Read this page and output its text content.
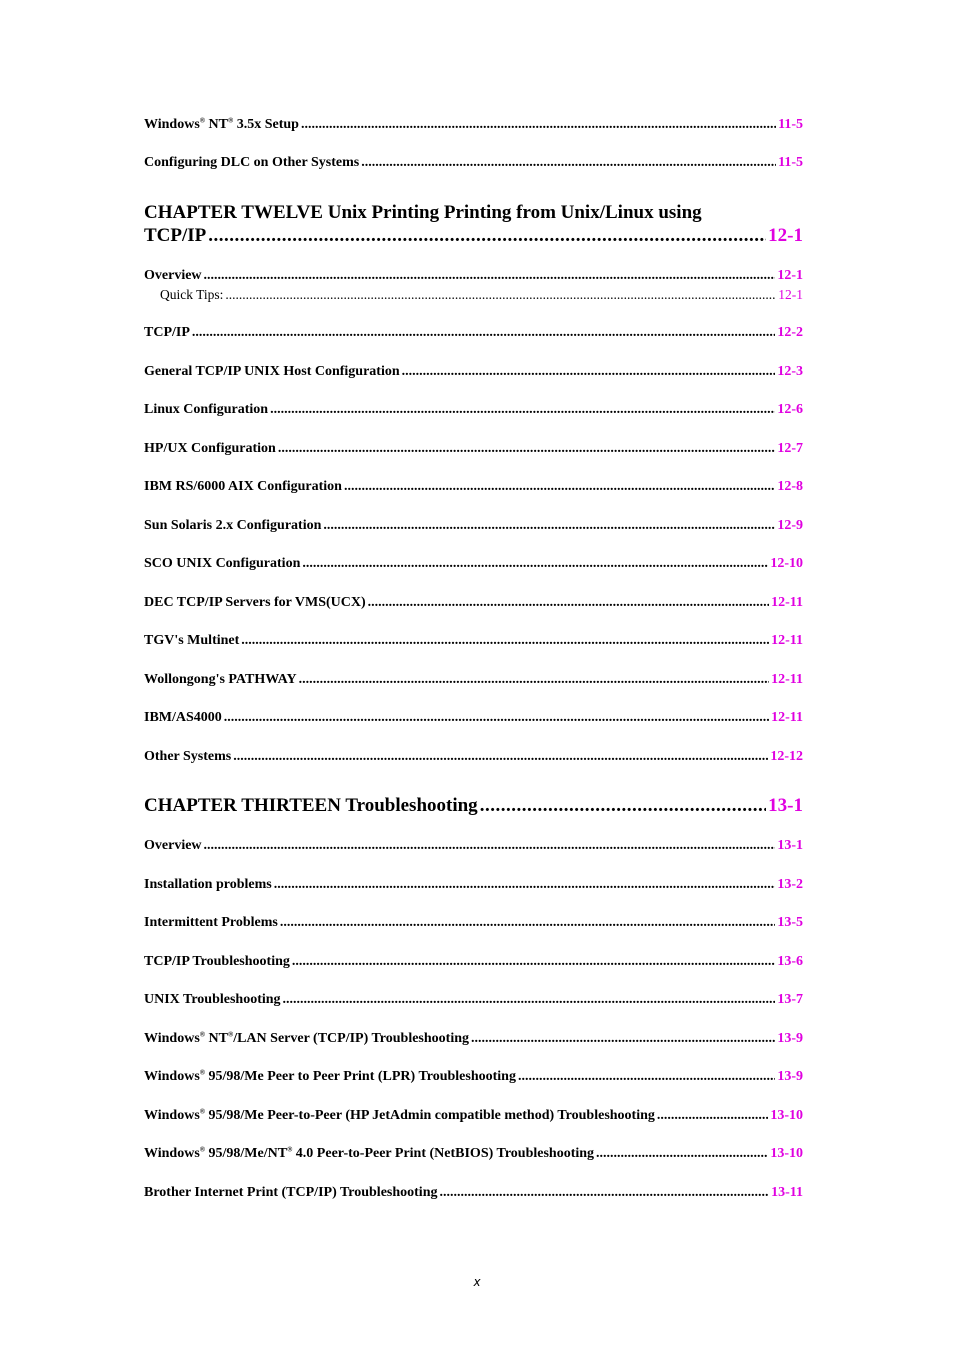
Windows® NT® 3.5x Setup .....	11-5
Configuring DLC on Other Systems .....	11-5
CHAPTER TWELVE Unix Printing Printing from Unix/Linux using
TCP/IP .....	12-1
Overview .....	12-1
Quick Tips: .....	12-1
TCP/IP .....	12-2
General TCP/IP UNIX Host Configuration .....	12-3
Linux Configuration .....	12-6
HP/UX Configuration .....	12-7
IBM RS/6000 AIX Configuration .....	12-8
Sun Solaris 2.x Configuration .....	12-9
SCO UNIX Configuration .....	12-10
DEC TCP/IP Servers for VMS(UCX) .....	12-11
TGV's Multinet .....	12-11
Wollongong's PATHWAY .....	12-11
IBM/AS4000 .....	12-11
Other Systems .....	12-12
CHAPTER THIRTEEN Troubleshooting .....	13-1
Overview .....	13-1
Installation problems .....	13-2
Intermittent Problems .....	13-5
TCP/IP Troubleshooting .....	13-6
UNIX Troubleshooting .....	13-7
Windows® NT®/LAN Server (TCP/IP) Troubleshooting .....	13-9
Windows® 95/98/Me Peer to Peer Print (LPR) Troubleshooting .....	13-9
Windows® 95/98/Me Peer-to-Peer (HP JetAdmin compatible method) Troubleshooting .....	13-10
Windows® 95/98/Me/NT® 4.0 Peer-to-Peer Print (NetBIOS) Troubleshooting .....	13-10
Brother Internet Print (TCP/IP) Troubleshooting .....	13-11
x
